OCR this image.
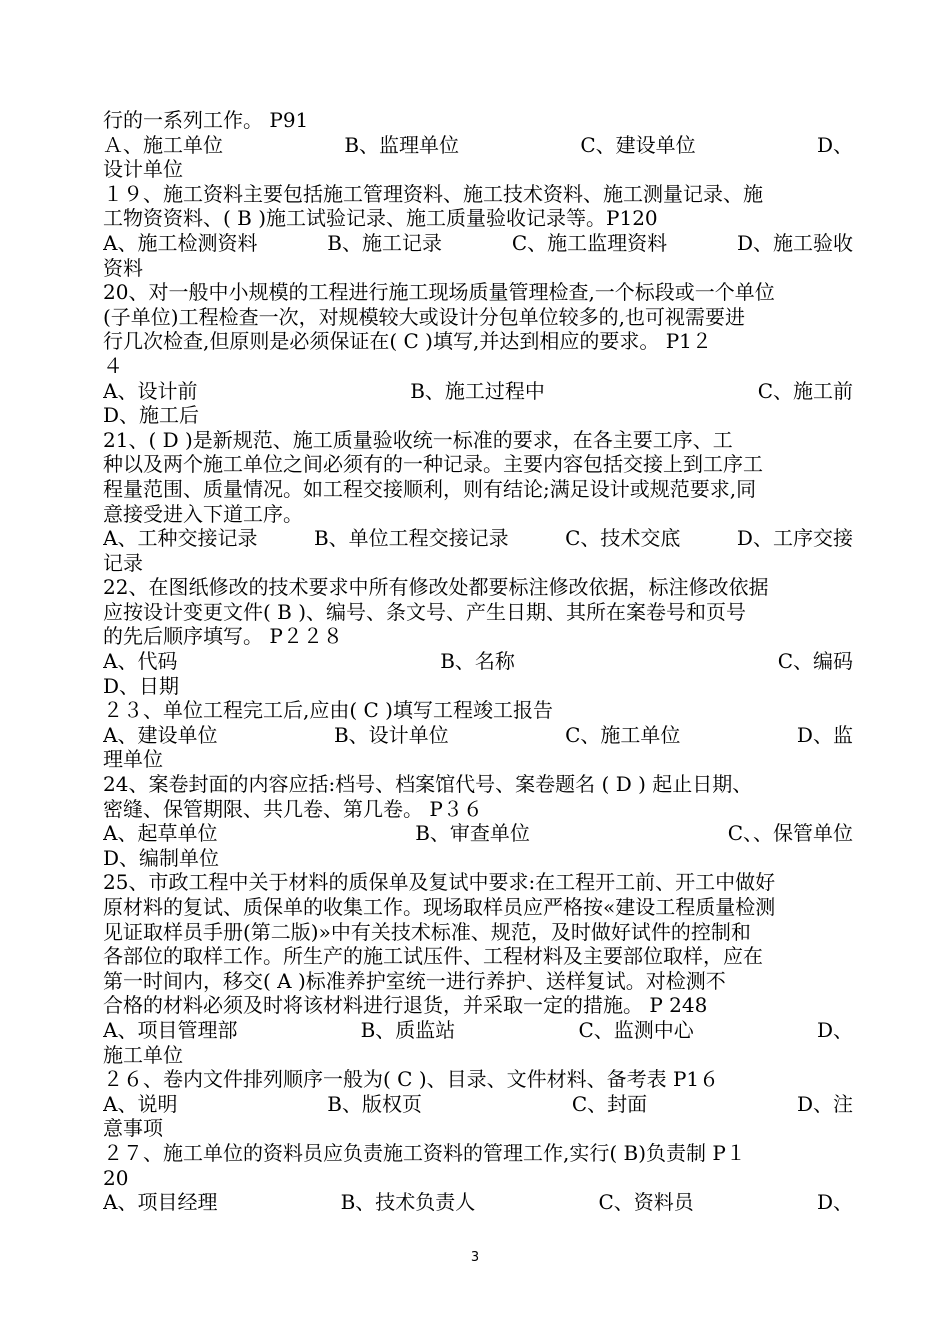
行的一系列工作。 P91
Ａ、施工单位	B、监理单位	C、建设单位	D、
设计单位
１９、施工资料主要包括施工管理资料、施工技术资料、施工测量记录、施
工物资资料、( B )施工试验记录、施工质量验收记录等。P120
A、施工检测资料	B、施工记录	C、施工监理资料	D、施工验收
资料
20、对一般中小规模的工程进行施工现场质量管理检查,一个标段或一个单位
(子单位)工程检查一次，对规模较大或设计分包单位较多的,也可视需要进
行几次检查,但原则是必须保证在( C )填写,并达到相应的要求。 P1２
４
A、设计前	B、施工过程中	C、施工前
D、施工后
21、( D )是新规范、施工质量验收统一标准的要求，在各主要工序、工
种以及两个施工单位之间必须有的一种记录。主要内容包括交接上到工序工
程量范围、质量情况。如工程交接顺利，则有结论;满足设计或规范要求,同
意接受进入下道工序。
A、工种交接记录	B、单位工程交接记录	C、技术交底	D、工序交接
记录
22、在图纸修改的技术要求中所有修改处都要标注修改依据，标注修改依据
应按设计变更文件( B )、编号、条文号、产生日期、其所在案卷号和页号
的先后顺序填写。 P２２８
A、代码	B、名称	C、编码
D、日期
２３、单位工程完工后,应由( C )填写工程竣工报告
A、建设单位	B、设计单位	C、施工单位	D、监
理单位
24、案卷封面的内容应括:档号、档案馆代号、案卷题名 ( D ) 起止日期、
密缝、保管期限、共几卷、第几卷。 P３６
A、起草单位	B、审查单位	C、、保管单位
D、编制单位
25、市政工程中关于材料的质保单及复试中要求:在工程开工前、开工中做好
原材料的复试、质保单的收集工作。现场取样员应严格按«建设工程质量检测
见证取样员手册(第二版)»中有关技术标准、规范，及时做好试件的控制和
各部位的取样工作。所生产的施工试压件、工程材料及主要部位取样，应在
第一时间内，移交( A )标准养护室统一进行养护、送样复试。对检测不
合格的材料必须及时将该材料进行退货，并采取一定的措施。 P 248
A、项目管理部	B、质监站	C、监测中心	D、
施工单位
２６、卷内文件排列顺序一般为( C )、目录、文件材料、备考表 P1６
A、说明	B、版权页	C、封面	D、注
意事项
２７、施工单位的资料员应负责施工资料的管理工作,实行( B)负责制 P１
20
A、项目经理	B、技术负责人	C、资料员	D、
3
